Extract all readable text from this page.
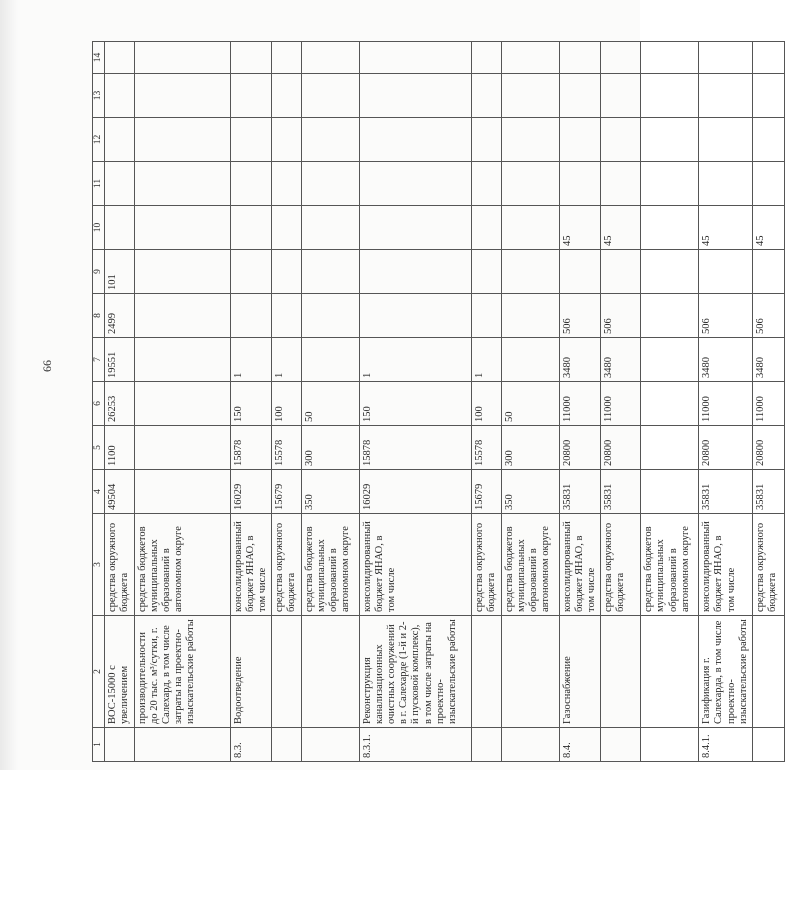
66
1	2	3	4	5	6	7	8	9	10	11	12	13	14
	ВОС-15000 с увеличением	средства окружного бюджета	49504	1100	26253	19551	2499	101					
	производительности до 20 тыс. м³/сутки, г. Салехард, в том числе затраты на проектно-изыскательские работы	средства бюджетов муниципальных образований в автономном округе											
8.3.	Водоотведение	консолидированный бюджет ЯНАО, в том числе	16029	15878	150	1							
		средства окружного бюджета	15679	15578	100	1							
		средства бюджетов муниципальных образований в автономном округе	350	300	50								
8.3.1.	Реконструкция канализационных очистных сооружений в г. Салехарде (1-й и 2-й пусковой комплекс), в том числе затраты на проектно-изыскательские работы	консолидированный бюджет ЯНАО, в том числе	16029	15878	150	1							
		средства окружного бюджета	15679	15578	100	1							
		средства бюджетов муниципальных образований в автономном округе	350	300	50								
8.4.	Газоснабжение	консолидированный бюджет ЯНАО, в том числе	35831	20800	11000	3480	506		45				
		средства окружного бюджета	35831	20800	11000	3480	506		45				
		средства бюджетов муниципальных образований в автономном округе											
8.4.1.	Газификация г. Салехарда, в том числе проектно-изыскательские работы	консолидированный бюджет ЯНАО, в том числе	35831	20800	11000	3480	506		45				
		средства окружного бюджета	35831	20800	11000	3480	506		45				
